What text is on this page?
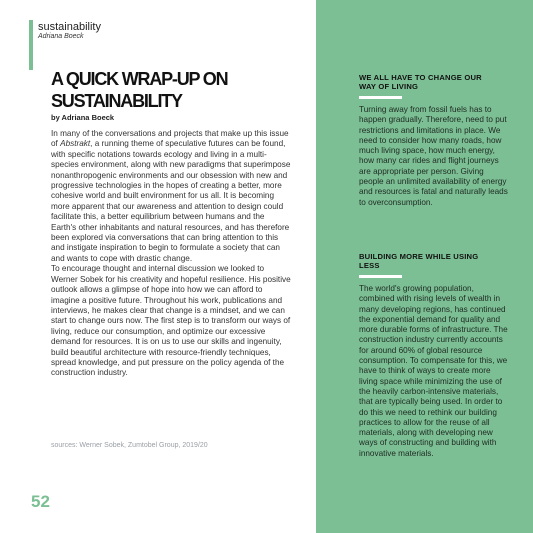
sustainability
Adriana Boeck
A QUICK WRAP-UP ON
SUSTAINABILITY
by Adriana Boeck

In many of the conversations and projects that make up this issue of Abstrakt, a running theme of speculative futures can be found, with specific notations towards ecology and living in a multi-species environment, along with new paradigms that superimpose nonanthropogenic environments and our obsession with new and progressive technologies in the hopes of creating a better, more cohesive world and built environment for us all. It is becoming more apparent that our awareness and attention to design could facilitate this, a better equilibrium between humans and the Earth's other inhabitants and natural resources, and has therefore been explored via conversations that can bring attention to this and instigate inspiration to begin to formulate a society that can and wants to cope with drastic change.

To encourage thought and internal discussion we looked to Werner Sobek for his creativity and hopeful resilience. His positive outlook allows a glimpse of hope into how we can afford to imagine a positive future. Throughout his work, publications and interviews, he makes clear that change is a mindset, and we can start to change ours now. The first step is to transform our ways of living, reduce our consumption, and optimize our excessive demand for resources. It is on us to use our skills and ingenuity, build beautiful architecture with resource-friendly techniques, spread knowledge, and put pressure on the policy agenda of the construction industry.

sources: Werner Sobek, Zumtobel Group, 2019/20
52
WE ALL HAVE TO CHANGE OUR
WAY OF LIVING

Turning away from fossil fuels has to happen gradually. Therefore, need to put restrictions and limitations in place. We need to consider how many roads, how much living space, how much energy, how many car rides and flight journeys are appropriate per person. Giving people an unlimited availability of energy and resources is fatal and naturally leads to overconsumption.

BUILDING MORE WHILE USING
LESS

The world's growing population, combined with rising levels of wealth in many developing regions, has continued the exponential demand for quality and more durable forms of infrastructure. The construction industry currently accounts for around 60% of global resource consumption. To compensate for this, we have to think of ways to create more living space while minimizing the use of the heavily carbon-intensive materials, that are typically being used. In order to do this we need to rethink our building practices to allow for the reuse of all materials, along with developing new ways of constructing and building with innovative materials.
